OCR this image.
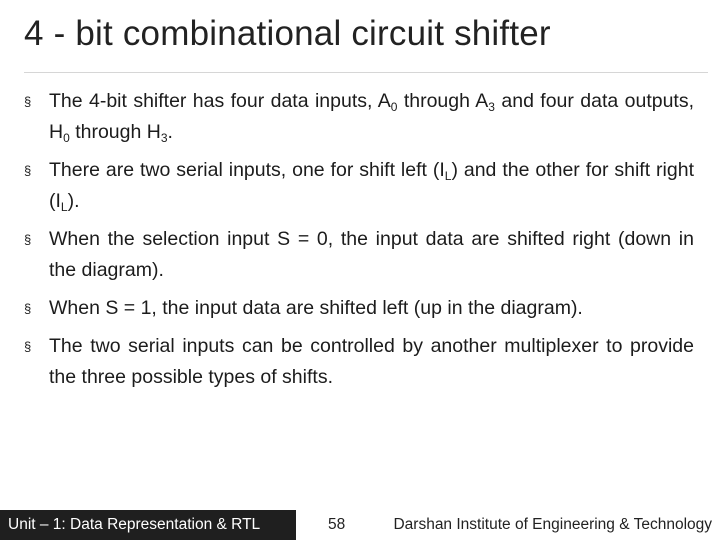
4 - bit combinational circuit shifter
§ The 4-bit shifter has four data inputs, $A_0$ through $A_3$ and four data outputs, $H_0$ through $H_3$.
§ There are two serial inputs, one for shift left $(I_L)$ and the other for shift right $(I_L)$.
§ When the selection input S = 0, the input data are shifted right (down in the diagram).
§ When S = 1, the input data are shifted left (up in the diagram).
§ The two serial inputs can be controlled by another multiplexer to provide the three possible types of shifts.
Unit – 1: Data Representation & RTL	58	Darshan Institute of Engineering & Technology
